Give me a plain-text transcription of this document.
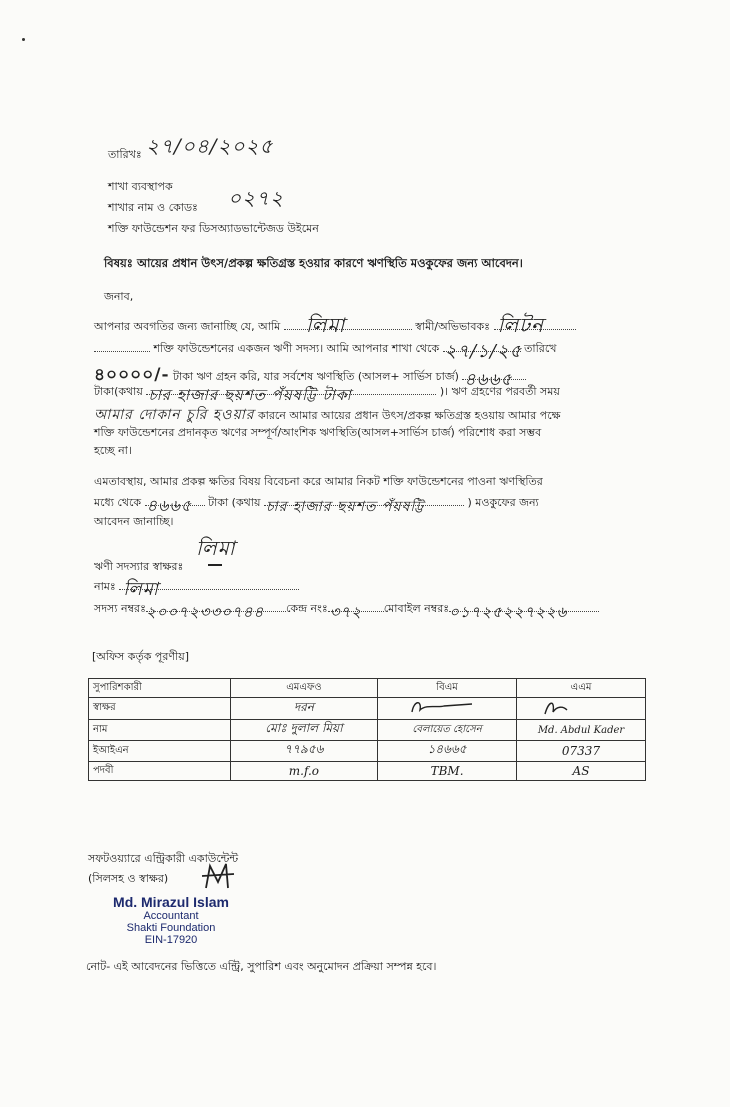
তারিখঃ ২৭/০৪/২০২৫
শাখা ব্যবস্থাপক
শাখার নাম ও কোডঃ ০২৭২
শক্তি ফাউন্ডেশন ফর ডিসঅ্যাডভান্টেজড উইমেন
বিষয়ঃ আয়ের প্রধান উৎস/প্রকল্প ক্ষতিগ্রস্ত হওয়ার কারণে ঋণস্থিতি মওকুফের জন্য আবেদন।
জনাব,
আপনার অবগতির জন্য জানাচ্ছি যে, আমি লিমা	স্বামী/অভিভাবকঃ লিটন
শক্তি ফাউন্ডেশনের একজন ঋণী সদস্য। আমি আপনার শাখা থেকে ২৭/১/২৫ তারিখে
৪০০০০/- টাকা ঋণ গ্রহন করি, যার সর্বশেষ ঋণস্থিতি (আসল+ সার্ভিস চার্জ) ৪৬৬৫
টাকা(কথায় চার হাজার ছয়শত পঁয়ষট্টি টাকা	)। ঋণ গ্রহণের পরবর্তী সময়
আমার দোকান চুরি হওয়ার কারনে আমার আয়ের প্রধান উৎস/প্রকল্প ক্ষতিগ্রস্ত হওয়ায় আমার পক্ষে
শক্তি ফাউন্ডেশনের প্রদানকৃত ঋণের সম্পূর্ণ/আংশিক ঋণস্থিতি(আসল+সার্ভিস চার্জ) পরিশোধ করা সম্ভব
হচ্ছে না।
এমতাবস্থায়, আমার প্রকল্প ক্ষতির বিষয় বিবেচনা করে আমার নিকট শক্তি ফাউন্ডেশনের পাওনা ঋণস্থিতির
মধ্যে থেকে ৪৬৬৫ টাকা (কথায় চার হাজার ছয়শত পঁয়ষট্টি	) মওকুফের জন্য
আবেদন জানাচ্ছি।
লিমা
ঋণী সদস্যার স্বাক্ষরঃ
নামঃ লিমা
সদস্য নম্বরঃ ২০০৭২৩৩০৭৪৪ কেন্দ্র নংঃ ৩৭২ মোবাইল নম্বরঃ ০১৭২৫২২৭২২৬
[অফিস কর্তৃক পূরণীয়]
সুপারিশকারী	এমএফও	বিএম	এএম
স্বাক্ষর	দরন		
নাম	মোঃ দুলাল মিয়া	বেলায়েত হোসেন	Md. Abdul Kader
ইআইএন	৭৭৯৫৬	১৪৬৬৫	07337
পদবী	m.f.o	TBM.	AS
সফটওয়্যারে এন্ট্রিকারী একাউন্টেন্ট
(সিলসহ ও স্বাক্ষর)
Md. Mirazul Islam
Accountant
Shakti Foundation
EIN-17920
নোট- এই আবেদনের ভিত্তিতে এন্ট্রি, সুপারিশ এবং অনুমোদন প্রক্রিয়া সম্পন্ন হবে।
